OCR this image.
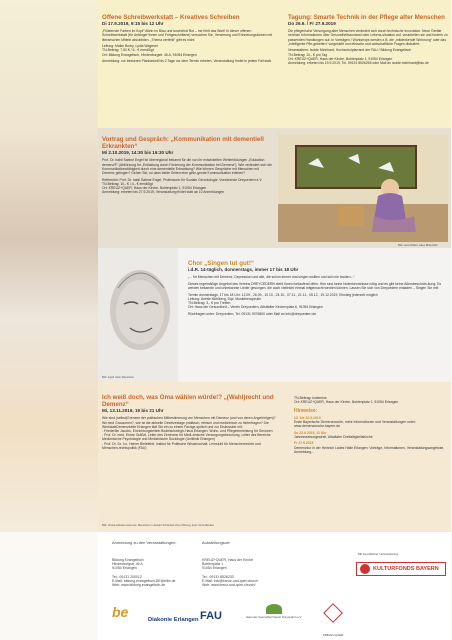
Offene Schreibwerkstatt – Kreatives Schreiben
Di 17.9.2019, 9:15 bis 12 Uhr

„Flüsternde Farben im Kopf“ Allein im Blau und tuschelnd Rot – mir fehlt das Wort! In dieser offenen Schreibwerkstatt (für Anfänger*innen und Fortgeschrittene) versuchen Sie, Verwirrung und Erinnerungslücken mit literarischen Mitteln abzubilden. „Thema verfehlt“ gibt es nicht.

Leitung: Maike Bodry, Lydia Wagener
TN-Beitrag: 7,50 € / 5,- € ermäßigt
Ort: Bildung Evangelisch, Hindenburgstr. 46 A, 91054 Erlangen

Anmeldung: zur besseren Planbarkeit bis 2 Tage vor dem Termin erbeten, Veranstaltung findet in jedem Fall statt.

Tagung: Smarte Technik in der Pflege alter Menschen
Do 26.9. / Fr 27.9.2019

Die pflegerische Versorgung alter Menschen verändert sich durch technische Innovation. Neue Geräte nehmen Informationen über Gesundheitszustand oder Lebens-situation auf, verarbeiten sie und fordern zu passenden Handlungen auf. In Vorträgen / Workshops werden z.B. die „mitdenkende Wohnung“ oder das „intelligente Pfle-gebetten“ vorgestellt und ethische und wirtschaftliche Fragen diskutiert.

Veranstaltern: Isolde Meinhard, Hochschulpfarramt der FAU / Bildung Evangelisch
TN-Beitrag: 10,- € pro Tag
Ort: KREUZ+QUER, Haus der Kirche, Bohlenplatz 1, 91054 Erlangen
Anmeldung: erbeten bis 19.9.2019, Tel. 09131 8526265 oder Mail an isolde.meinhard@fau.de

Vortrag und Gespräch: „Kommunikation mit dementiell Erkrankten“
Mi 2.10.2019, 14:30 bis 16:30 Uhr

Prof. Dr. habil Sabine Engel ist überregional bekannt für die von ihr entwickelten Weiterbildungen „Edukation demenz®“ (Abkürzung für „Entlastung durch Förderung der Kommunikation bei Demenz“). Wie verändert sich die Kommunikationsfähigkeit durch eine dementielle Erkrankung? Wie können Gespräche mit Menschen mit Demenz gelingen? Gehen Sie, so dass beide Seiten eine gelin-gende Kommunikation erleben?

Referentin: Prof. Dr. habil Sabine Engel, Professorin für Soziale Gerontologie, Vorsitzende Dreycedern e.V.
TN-Beitrag: 10,- € / 4,- € ermäßigt
Ort: KREUZ+QUER, Haus der Kirche, Bohlenplatz 1, 91054 Erlangen
Anmeldung: erbeten bis 27.9.2019, Veranstaltung findet statt ab 10 Anmeldungen

Bild: Lena Wilfert, Haus Birkenfeld
Bild: Ingrid Heid, Mannheim
Chor „Singen tut gut!“
i.d.R. 14-täglich, donnerstags, immer 17 bis 18 Uhr

„... für Menschen mit Demenz, Depression und alle, die schon immer mal singen wollten und sich nie trauten...“

Dieses regelmäßige Angebot des Vereins DREYCEDERN steht Ihnen fortlaufend offen. Hier sind keine Notenkenntnisse nötig und es gibt keine Altersbeschrän-kung. Es werden bekannte und unbekannte Lieder gesungen, die auch vielleicht einmal mitgemacht werden können. Lassen Sie sich von Dreycedern einladen – Singen Sie mit!

Termin donnerstags, 17 bis 18 Uhr: 12.09., 26.09., 10.10., 24.10., 07.11., 21.11., 05.12., 19.12.2019, Einstieg jederzeit möglich
Leitung: Anette Mühlberg, Dipl. Musiktherapeutin
TN-Beitrag: 3,- € pro Treffen
Ort: Haus der Gesundheit – Verein Dreycedern, Altstädter Kirchenplatz 6, 91054 Erlangen

Rückfragen unter: Dreycedern, Tel. 09131 9076800 oder Mail an info@dreycedern.de

Ich weiß doch, was Oma wählen würde!? „(Wahl)recht und Demenz“
Mi, 13.11.2019, 19 bis 21 Uhr

Wie sind (selbst)Grenzen der politischen Mitbestimmung von Menschen mit Demenz (und von deren Angehörigen)? Wo sind Grauzonen?, wie ist die aktuelle Gesetzeslage praktisch, ethisch und medizinisch zu hinterfragen? Die WerkstattDemenzkette Erlangen lädt Sie ein zu einem Fachge-spräch und zur Diskussion mit:
- Friederike Jacobs, Einrichtungsleitein Bodelschwingh-Haus Erlangen, Wohn- und Pflegeeinrichtung für Senioren
- Prof. Dr. med. Elmar Gräßel, Leiter des Zentrums für Medi-zinische Versorgungsforschung, Leiter des Bereichs Medizinische Psychologie und Medizinische Soziologie (Uniklinik Erlangen)
- Prof. Dr. Dr. h.c. Heiner Bielefeldt, Institut für Politische Wissenschaft, Lehrstuhl für Menschenrechte und Menschen-rechtspolitik (FAU)

Bild: Ursula Hofmann-Hermes: Menschen in dunkler Schönheit ohne Öffnung, Foto: Doris Benken

TN-Beitrag: kostenlos
Ort: KREUZ+QUER, Haus der Kirche, Bohlenplatz 1, 91054 Erlangen

Hinweise:

13. bis 22.9.2019

Erste Bayerische Demenzwoche, mehr Informationen und Veranstaltungen unter: www.demenzwoche.bayern.de

So 22.9.2019, 11 Uhr

Jahresseelsorgestreit, Altstädter Dreifaltigkeitskirche

Fr 27.9.2019

Demenzkur in der Heinrich Lades Halle Erlangen: Vorträge, Informationen, Veranstaltungsangebote, Anmeldung...

Anmeldung zu den Veranstaltungen:	Ausstellungsort:
Bildung Evangelisch
Hindenburgstr. 46 A
91054 Erlangen

Tel.: 09131 200012
E-Mail: bildung.evangelisch-DE@elkb.de
Web: www.bildung-evangelisch.de
KREUZ+QUER, Haus der Kirche
Bohlenplatz 1
91054 Erlangen

Tel.: 09131 8526233
E-Mail: info@kreuz-und-quer.church
Web: www.kreuz-und-quer.church/
Mit freundlicher Unterstützung:
KULTURFONDS BAYERN
be	Diakonie Erlangen FAU	Haus der Gesundheit Verein Dreycedern e.V.
KREUZ+QUER
